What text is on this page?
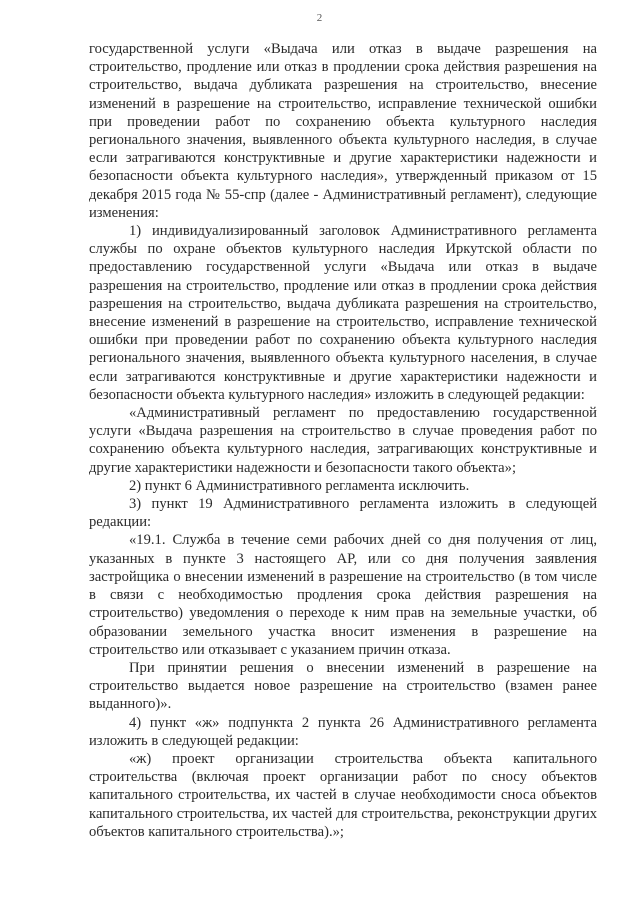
2

государственной услуги «Выдача или отказ в выдаче разрешения на строительство, продление или отказ в продлении срока действия разрешения на строительство, выдача дубликата разрешения на строительство, внесение изменений в разрешение на строительство, исправление технической ошибки при проведении работ по сохранению объекта культурного наследия регионального значения, выявленного объекта культурного наследия, в случае если затрагиваются конструктивные и другие характеристики надежности и безопасности объекта культурного наследия», утвержденный приказом от 15 декабря 2015 года № 55-спр (далее - Административный регламент), следующие изменения:

1) индивидуализированный заголовок Административного регламента службы по охране объектов культурного наследия Иркутской области по предоставлению государственной услуги «Выдача или отказ в выдаче разрешения на строительство, продление или отказ в продлении срока действия разрешения на строительство, выдача дубликата разрешения на строительство, внесение изменений в разрешение на строительство, исправление технической ошибки при проведении работ по сохранению объекта культурного наследия регионального значения, выявленного объекта культурного населения, в случае если затрагиваются конструктивные и другие характеристики надежности и безопасности объекта культурного наследия» изложить в следующей редакции:

«Административный регламент по предоставлению государственной услуги «Выдача разрешения на строительство в случае проведения работ по сохранению объекта культурного наследия, затрагивающих конструктивные и другие характеристики надежности и безопасности такого объекта»;

2) пункт 6 Административного регламента исключить.

3) пункт 19 Административного регламента изложить в следующей редакции:

«19.1. Служба в течение семи рабочих дней со дня получения от лиц, указанных в пункте 3 настоящего АР, или со дня получения заявления застройщика о внесении изменений в разрешение на строительство (в том числе в связи с необходимостью продления срока действия разрешения на строительство) уведомления о переходе к ним прав на земельные участки, об образовании земельного участка вносит изменения в разрешение на строительство или отказывает с указанием причин отказа.

При принятии решения о внесении изменений в разрешение на строительство выдается новое разрешение на строительство (взамен ранее выданного)».

4) пункт «ж» подпункта 2 пункта 26 Административного регламента изложить в следующей редакции:

«ж) проект организации строительства объекта капитального строительства (включая проект организации работ по сносу объектов капитального строительства, их частей в случае необходимости сноса объектов капитального строительства, их частей для строительства, реконструкции других объектов капитального строительства).»;
